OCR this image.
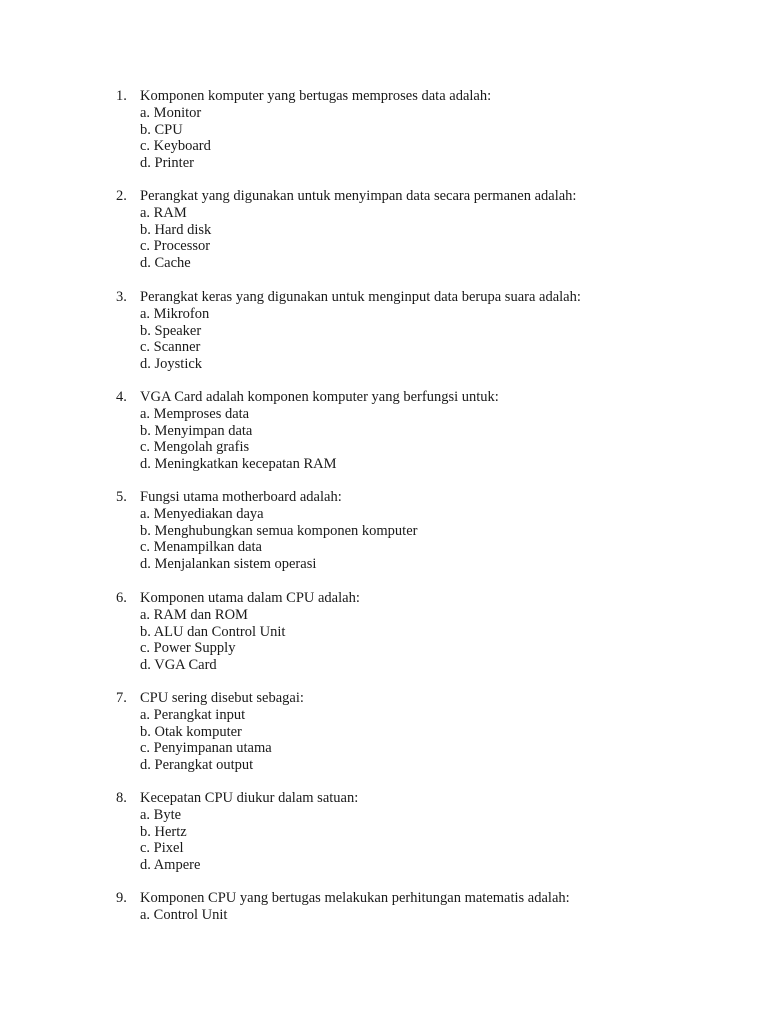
1. Komponen komputer yang bertugas memproses data adalah:
a. Monitor
b. CPU
c. Keyboard
d. Printer
2. Perangkat yang digunakan untuk menyimpan data secara permanen adalah:
a. RAM
b. Hard disk
c. Processor
d. Cache
3. Perangkat keras yang digunakan untuk menginput data berupa suara adalah:
a. Mikrofon
b. Speaker
c. Scanner
d. Joystick
4. VGA Card adalah komponen komputer yang berfungsi untuk:
a. Memproses data
b. Menyimpan data
c. Mengolah grafis
d. Meningkatkan kecepatan RAM
5. Fungsi utama motherboard adalah:
a. Menyediakan daya
b. Menghubungkan semua komponen komputer
c. Menampilkan data
d. Menjalankan sistem operasi
6. Komponen utama dalam CPU adalah:
a. RAM dan ROM
b. ALU dan Control Unit
c. Power Supply
d. VGA Card
7. CPU sering disebut sebagai:
a. Perangkat input
b. Otak komputer
c. Penyimpanan utama
d. Perangkat output
8. Kecepatan CPU diukur dalam satuan:
a. Byte
b. Hertz
c. Pixel
d. Ampere
9. Komponen CPU yang bertugas melakukan perhitungan matematis adalah:
a. Control Unit
